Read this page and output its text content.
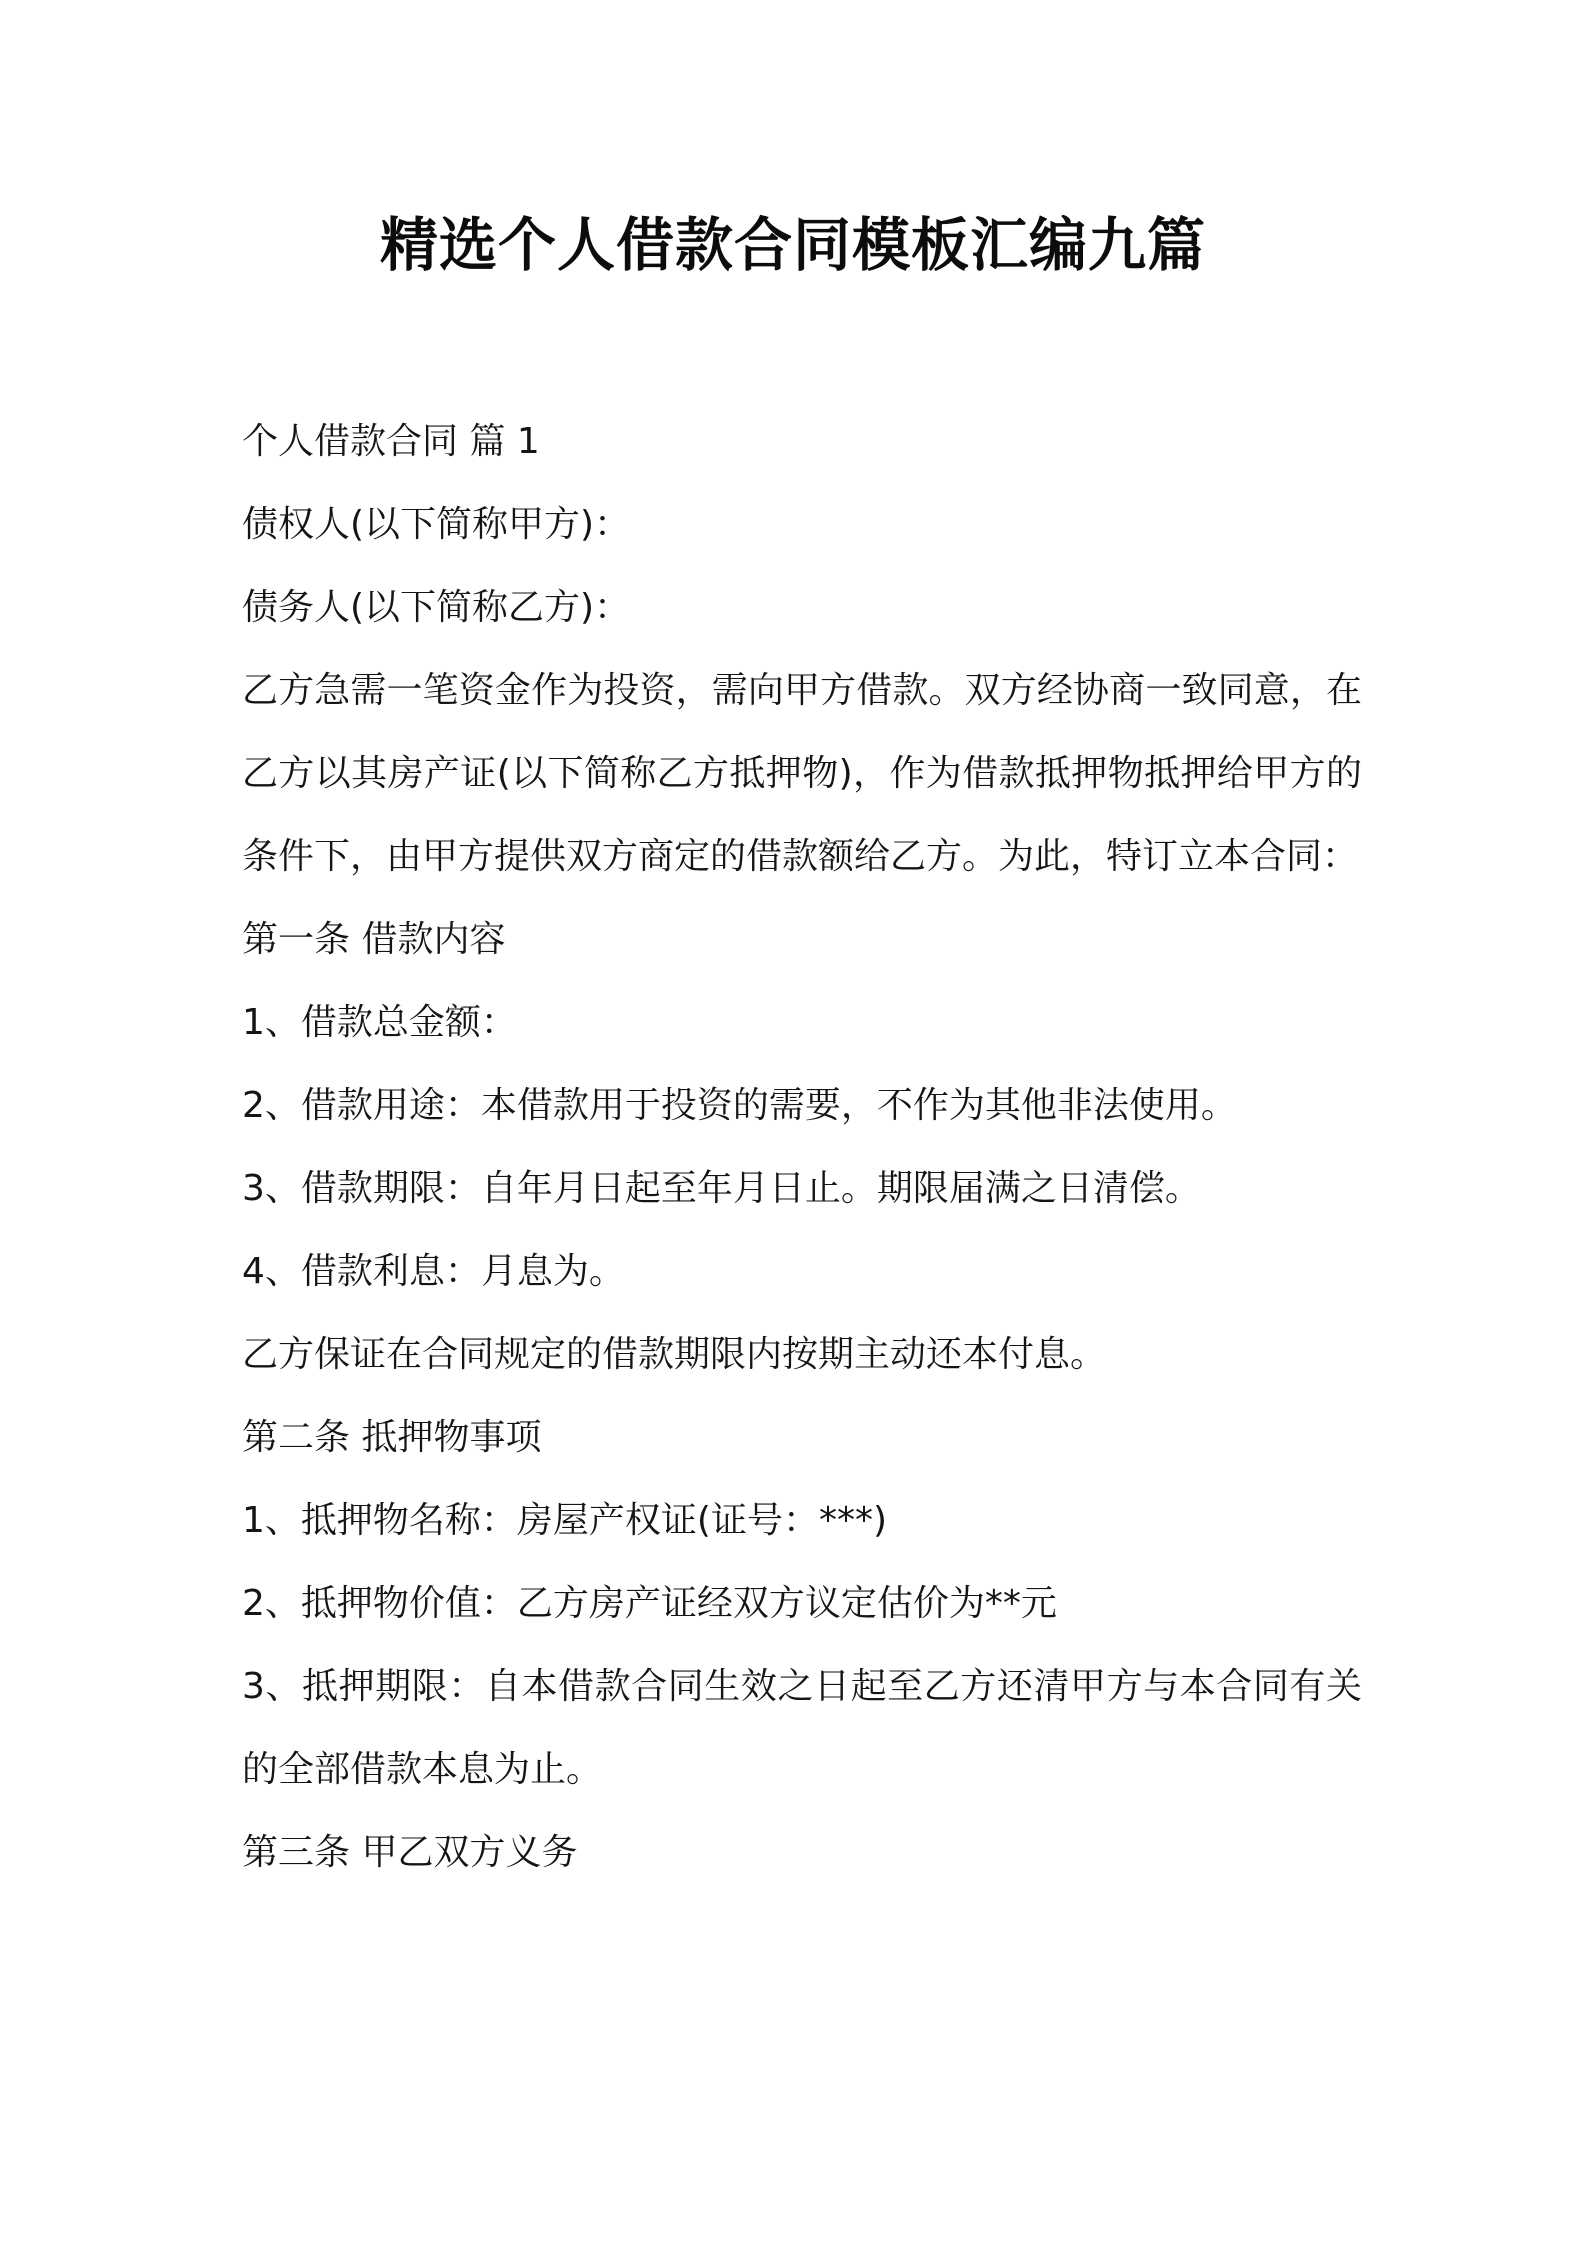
精选个人借款合同模板汇编九篇
个人借款合同 篇 1
债权人(以下简称甲方)：
债务人(以下简称乙方)：
乙方急需一笔资金作为投资，需向甲方借款。双方经协商一致同意，在乙方以其房产证(以下简称乙方抵押物)，作为借款抵押物抵押给甲方的条件下，由甲方提供双方商定的借款额给乙方。为此，特订立本合同：
第一条 借款内容
1、借款总金额：
2、借款用途：本借款用于投资的需要，不作为其他非法使用。
3、借款期限：自年月日起至年月日止。期限届满之日清偿。
4、借款利息：月息为。
乙方保证在合同规定的借款期限内按期主动还本付息。
第二条 抵押物事项
1、抵押物名称：房屋产权证(证号：***)
2、抵押物价值：乙方房产证经双方议定估价为**元
3、抵押期限：自本借款合同生效之日起至乙方还清甲方与本合同有关的全部借款本息为止。
第三条 甲乙双方义务
